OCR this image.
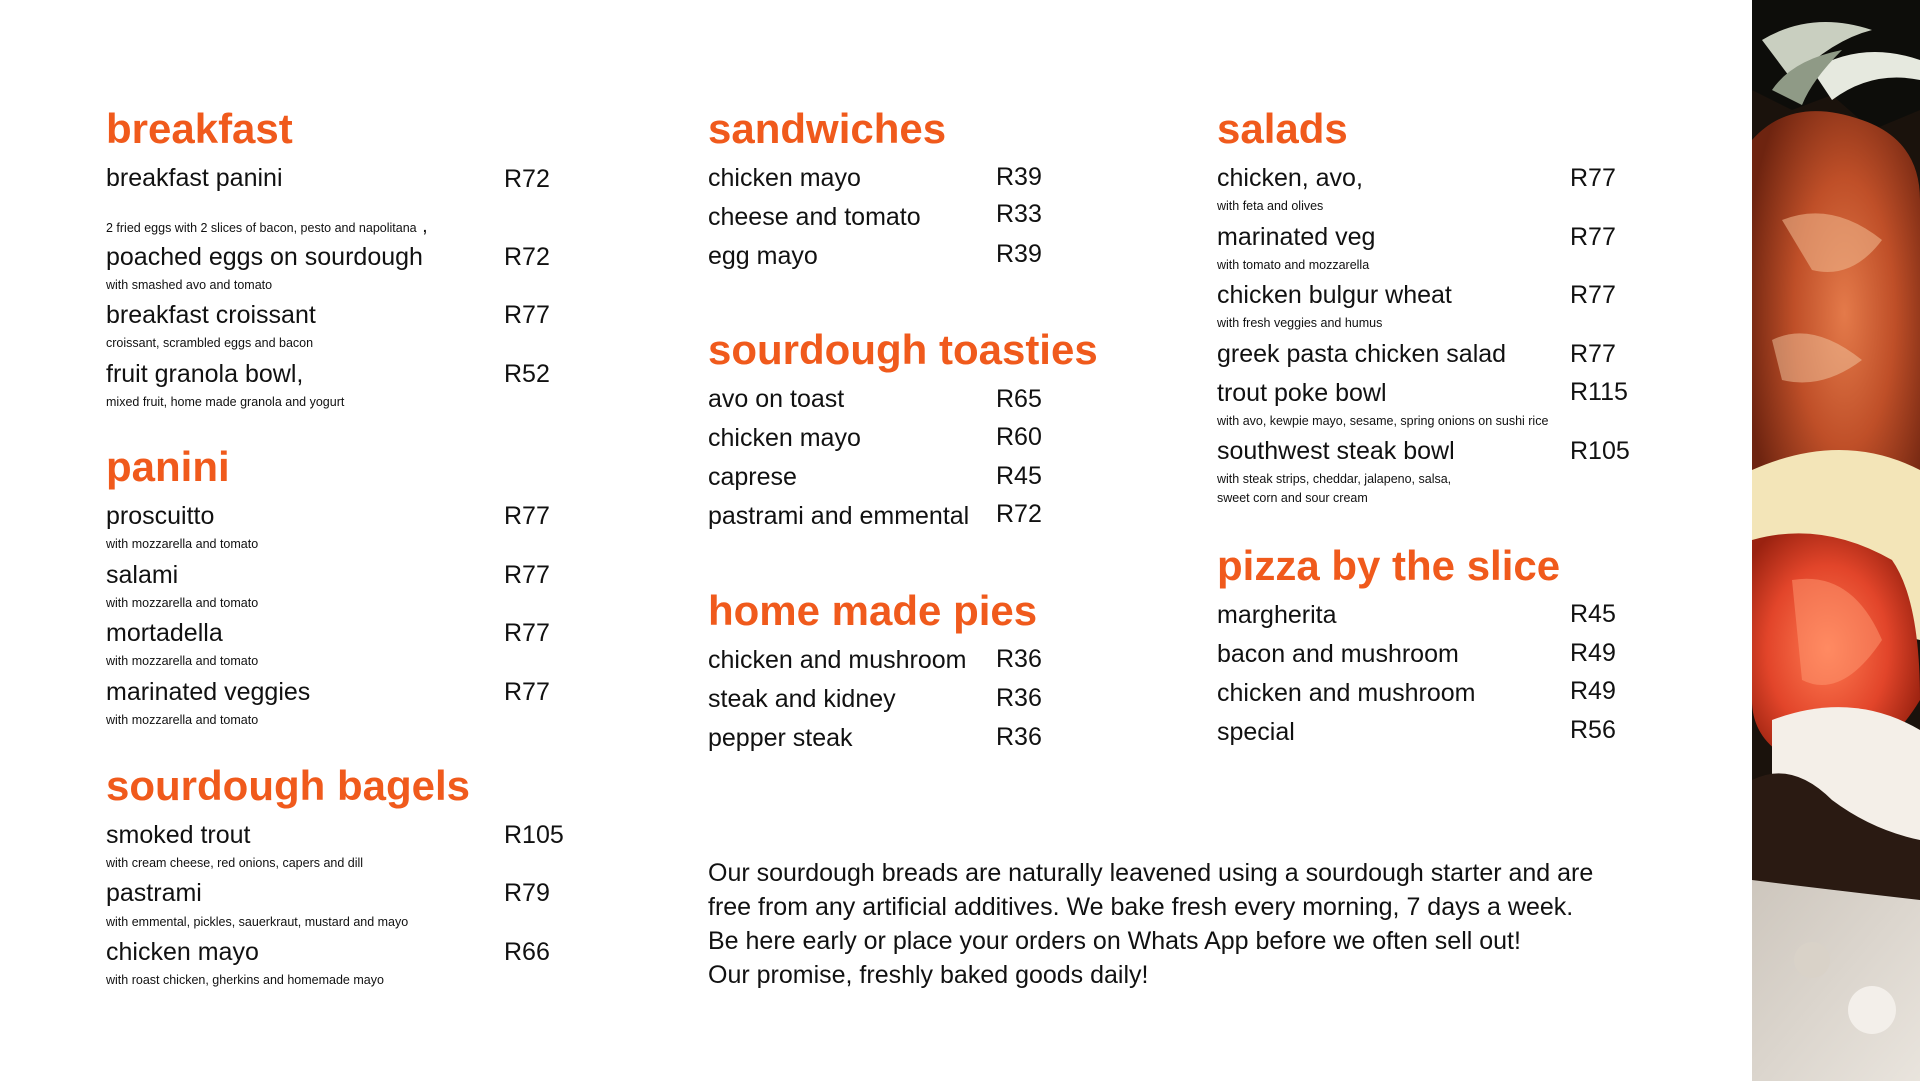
breakfast
breakfast panini	R72
2 fried eggs with 2 slices of bacon, pesto and napolitana ,
poached eggs on sourdough	R72
with smashed avo and tomato
breakfast croissant	R77
croissant, scrambled eggs and bacon
fruit granola bowl,	R52
mixed fruit, home made granola and yogurt
panini
proscuitto	R77
with mozzarella and tomato
salami	R77
with mozzarella and tomato
mortadella	R77
with mozzarella and tomato
marinated veggies	R77
with mozzarella and tomato
sourdough bagels
smoked trout	R105
with cream cheese, red onions, capers and dill
pastrami	R79
with emmental, pickles, sauerkraut, mustard and mayo
chicken mayo	R66
with roast chicken, gherkins and homemade mayo
sandwiches
chicken mayo	R39
cheese and tomato	R33
egg mayo	R39
sourdough toasties
avo on toast	R65
chicken mayo	R60
caprese	R45
pastrami and emmental R72
home made pies
chicken and mushroom R36
steak and kidney	R36
pepper steak	R36
salads
chicken, avo,	R77
with feta and olives
marinated veg	R77
with tomato and mozzarella
chicken bulgur wheat	R77
with fresh veggies and humus
greek pasta chicken salad	R77
trout poke bowl	R115
with avo, kewpie mayo, sesame, spring onions on sushi rice
southwest steak bowl	R105
with steak strips, cheddar, jalapeno, salsa,
sweet corn and sour cream
pizza by the slice
margherita	R45
bacon and mushroom	R49
chicken and mushroom	R49
special	R56
Our sourdough breads are naturally leavened using a sourdough starter and are
free from any artificial additives. We bake fresh every morning, 7 days a week.
Be here early or place your orders on Whats App before we often sell out!
Our promise, freshly baked goods daily!
